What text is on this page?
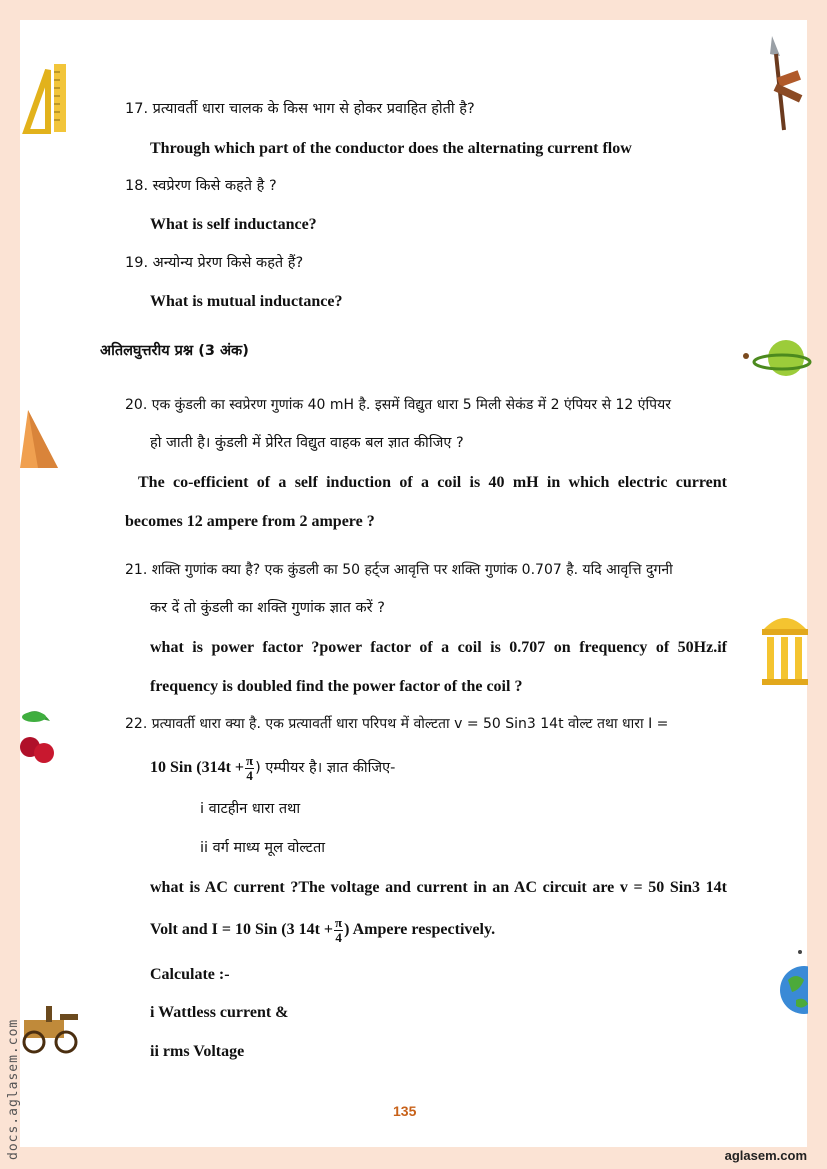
17. प्रत्यावर्ती धारा चालक के किस भाग से होकर प्रवाहित होती है?
Through which part of the conductor does the alternating current flow
18. स्वप्रेरण किसे कहते है ?
What is self inductance?
19. अन्योन्य प्रेरण किसे कहते हैं?
What is mutual inductance?
अतिलघुत्तरीय प्रश्न (3 अंक)
20. एक कुंडली का स्वप्रेरण गुणांक 40 mH है. इसमें विद्युत धारा 5 मिली सेकंड में 2 एंपियर से 12 एंपियर
हो जाती है। कुंडली में प्रेरित विद्युत वाहक बल ज्ञात कीजिए ?
The co-efficient of a self induction of a coil is 40 mH in which electric current
becomes 12 ampere from 2 ampere ?
21. शक्ति गुणांक क्या है? एक कुंडली का 50 हर्ट्ज आवृत्ति पर शक्ति गुणांक 0.707 है. यदि आवृत्ति दुगनी
कर दें तो कुंडली का शक्ति गुणांक ज्ञात करें ?
what is power factor ?power factor of a coil is 0.707 on frequency of 50Hz.if
frequency is doubled find the power factor of the coil ?
22. प्रत्यावर्ती धारा क्या है. एक प्रत्यावर्ती धारा परिपथ में वोल्टता v = 50 Sin3 14t वोल्ट तथा धारा I =
10 Sin ($314t + \frac{\pi}{4}$ ) एम्पीयर है। ज्ञात कीजिए-
i वाटहीन धारा तथा
ii वर्ग माध्य मूल वोल्टता
what is AC current ?The voltage and current in an AC circuit are v = 50 Sin3 14t
Volt and I = 10 Sin (3 $14t + \frac{\pi}{4}$ ) Ampere respectively.
Calculate :-
i Wattless current &
ii rms Voltage
docs.aglasem.com	135
aglasem.com
